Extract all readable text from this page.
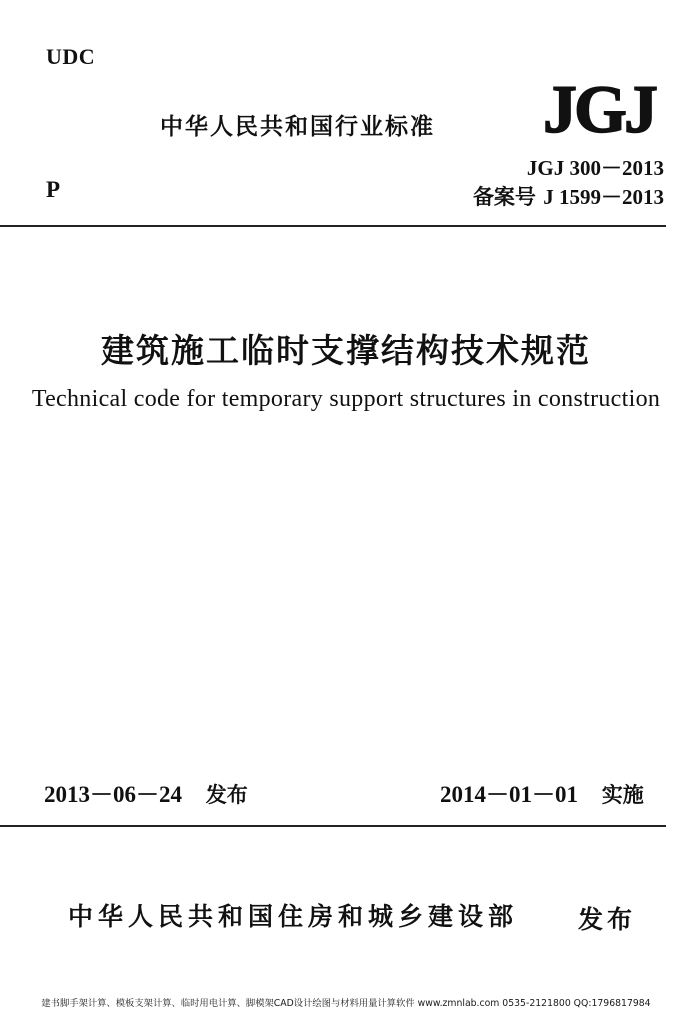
UDC
中华人民共和国行业标准 JGJ
P
JGJ 300－2013
备案号 J 1599－2013
建筑施工临时支撑结构技术规范
Technical code for temporary support structures in construction
2013－06－24 发布	2014－01－01 实施
中华人民共和国住房和城乡建设部 发布
建书脚手架计算、模板支架计算、临时用电计算、脚模架CAD设计绘图与材料用量计算软件 www.zmnlab.com 0535-2121800 QQ:1796817984
